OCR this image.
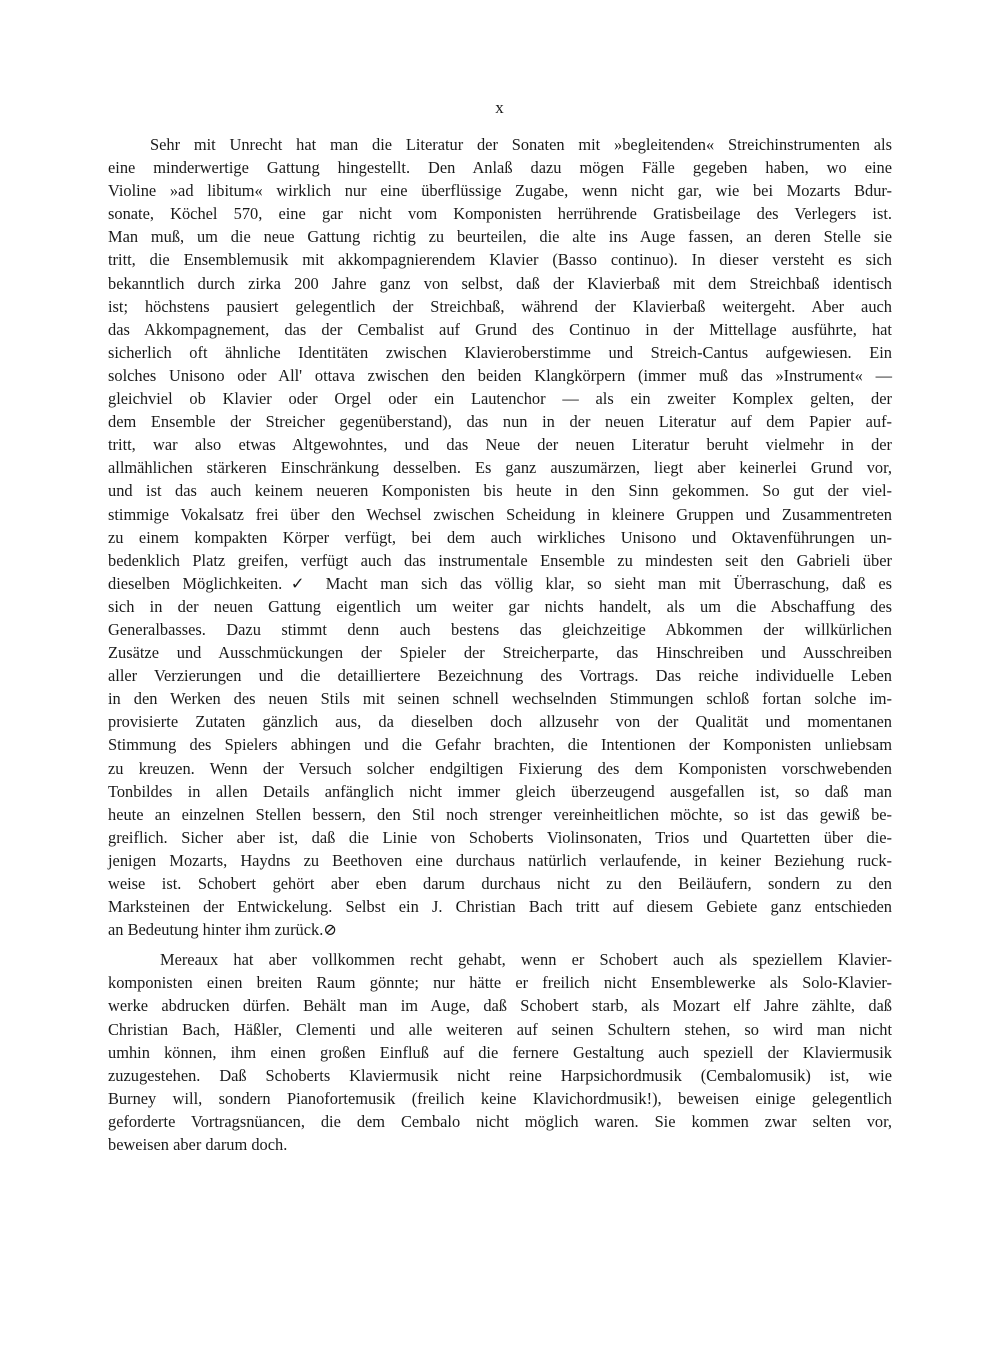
x
Sehr mit Unrecht hat man die Literatur der Sonaten mit »begleitenden« Streichinstrumenten als
eine minderwertige Gattung hingestellt. Den Anlaß dazu mögen Fälle gegeben haben, wo eine
Violine »ad libitum« wirklich nur eine überflüssige Zugabe, wenn nicht gar, wie bei Mozarts Bdur-
sonate, Köchel 570, eine gar nicht vom Komponisten herrührende Gratisbeilage des Verlegers ist.
Man muß, um die neue Gattung richtig zu beurteilen, die alte ins Auge fassen, an deren Stelle sie
tritt, die Ensemblemusik mit akkompagnierendem Klavier (Basso continuo). In dieser versteht es sich
bekanntlich durch zirka 200 Jahre ganz von selbst, daß der Klavierbaß mit dem Streichbaß identisch
ist; höchstens pausiert gelegentlich der Streichbaß, während der Klavierbaß weitergeht. Aber auch
das Akkompagnement, das der Cembalist auf Grund des Continuo in der Mittellage ausführte, hat
sicherlich oft ähnliche Identitäten zwischen Klavieroberstimme und Streich-Cantus aufgewiesen. Ein
solches Unisono oder All' ottava zwischen den beiden Klangkörpern (immer muß das »Instrument« —
gleichviel ob Klavier oder Orgel oder ein Lautenchor — als ein zweiter Komplex gelten, der
dem Ensemble der Streicher gegenüberstand), das nun in der neuen Literatur auf dem Papier auf-
tritt, war also etwas Altgewohntes, und das Neue der neuen Literatur beruht vielmehr in der
allmählichen stärkeren Einschränkung desselben. Es ganz auszumärzen, liegt aber keinerlei Grund vor,
und ist das auch keinem neueren Komponisten bis heute in den Sinn gekommen. So gut der viel-
stimmige Vokalsatz frei über den Wechsel zwischen Scheidung in kleinere Gruppen und Zusammentreten
zu einem kompakten Körper verfügt, bei dem auch wirkliches Unisono und Oktavenführungen un-
bedenklich Platz greifen, verfügt auch das instrumentale Ensemble zu mindesten seit den Gabrieli über
dieselben Möglichkeiten.✓ Macht man sich das völlig klar, so sieht man mit Überraschung, daß es
sich in der neuen Gattung eigentlich um weiter gar nichts handelt, als um die Abschaffung des
Generalbasses. Dazu stimmt denn auch bestens das gleichzeitige Abkommen der willkürlichen
Zusätze und Ausschmückungen der Spieler der Streicherparte, das Hinschreiben und Ausschreiben
aller Verzierungen und die detailliertere Bezeichnung des Vortrags. Das reiche individuelle Leben
in den Werken des neuen Stils mit seinen schnell wechselnden Stimmungen schloß fortan solche im-
provisierte Zutaten gänzlich aus, da dieselben doch allzusehr von der Qualität und momentanen
Stimmung des Spielers abhingen und die Gefahr brachten, die Intentionen der Komponisten unliebsam
zu kreuzen. Wenn der Versuch solcher endgiltigen Fixierung des dem Komponisten vorschwebenden
Tonbildes in allen Details anfänglich nicht immer gleich überzeugend ausgefallen ist, so daß man
heute an einzelnen Stellen bessern, den Stil noch strenger vereinheitlichen möchte, so ist das gewiß be-
greiflich. Sicher aber ist, daß die Linie von Schoberts Violinsonaten, Trios und Quartetten über die-
jenigen Mozarts, Haydns zu Beethoven eine durchaus natürlich verlaufende, in keiner Beziehung ruck-
weise ist. Schobert gehört aber eben darum durchaus nicht zu den Beiläufern, sondern zu den
Marksteinen der Entwickelung. Selbst ein J. Christian Bach tritt auf diesem Gebiete ganz entschieden
an Bedeutung hinter ihm zurück.⊘
Mereaux hat aber vollkommen recht gehabt, wenn er Schobert auch als speziellem Klavier-
komponisten einen breiten Raum gönnte; nur hätte er freilich nicht Ensemblewerke als Solo-Klavier-
werke abdrucken dürfen. Behält man im Auge, daß Schobert starb, als Mozart elf Jahre zählte, daß
Christian Bach, Häßler, Clementi und alle weiteren auf seinen Schultern stehen, so wird man nicht
umhin können, ihm einen großen Einfluß auf die fernere Gestaltung auch speziell der Klaviermusik
zuzugestehen. Daß Schoberts Klaviermusik nicht reine Harpsichordmusik (Cembalomusik) ist, wie
Burney will, sondern Pianofortemusik (freilich keine Klavichordmusik!), beweisen einige gelegentlich
geforderte Vortragsnüancen, die dem Cembalo nicht möglich waren. Sie kommen zwar selten vor,
beweisen aber darum doch.
